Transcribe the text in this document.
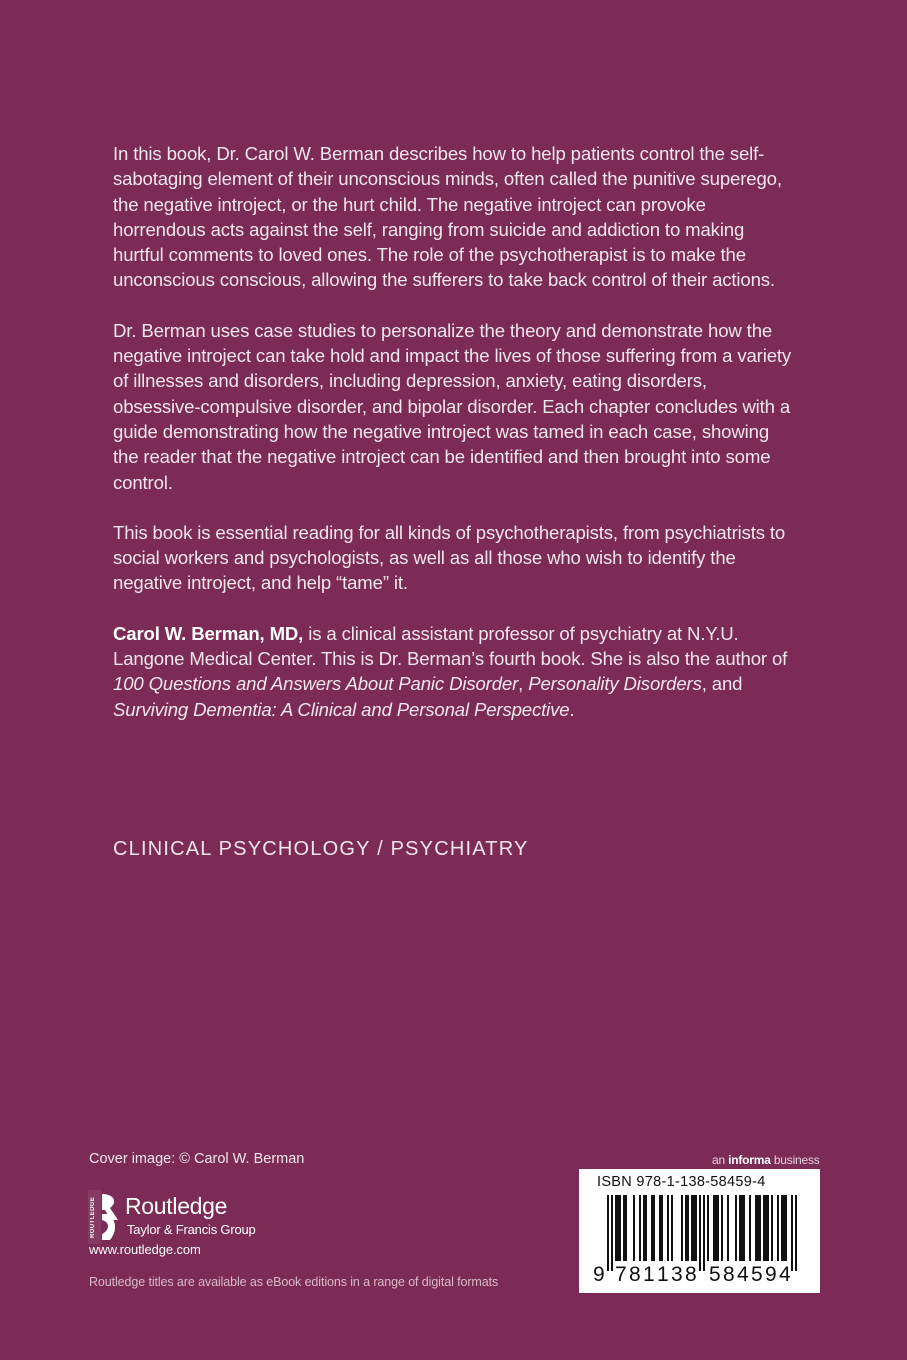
In this book, Dr. Carol W. Berman describes how to help patients control the self-sabotaging element of their unconscious minds, often called the punitive superego, the negative introject, or the hurt child. The negative introject can provoke horrendous acts against the self, ranging from suicide and addiction to making hurtful comments to loved ones. The role of the psychotherapist is to make the unconscious conscious, allowing the sufferers to take back control of their actions.

Dr. Berman uses case studies to personalize the theory and demonstrate how the negative introject can take hold and impact the lives of those suffering from a variety of illnesses and disorders, including depression, anxiety, eating disorders, obsessive-compulsive disorder, and bipolar disorder. Each chapter concludes with a guide demonstrating how the negative introject was tamed in each case, showing the reader that the negative introject can be identified and then brought into some control.

This book is essential reading for all kinds of psychotherapists, from psychiatrists to social workers and psychologists, as well as all those who wish to identify the negative introject, and help “tame” it.

Carol W. Berman, MD, is a clinical assistant professor of psychiatry at N.Y.U. Langone Medical Center. This is Dr. Berman’s fourth book. She is also the author of 100 Questions and Answers About Panic Disorder, Personality Disorders, and Surviving Dementia: A Clinical and Personal Perspective.

CLINICAL PSYCHOLOGY / PSYCHIATRY
Cover image: © Carol W. Berman
ROUTLEDGE Routledge
Taylor & Francis Group
www.routledge.com
Routledge titles are available as eBook editions in a range of digital formats
an informa business
ISBN 978-1-138-58459-4
9 7 8 1 1 3 8 5 8 4 5 9 4
